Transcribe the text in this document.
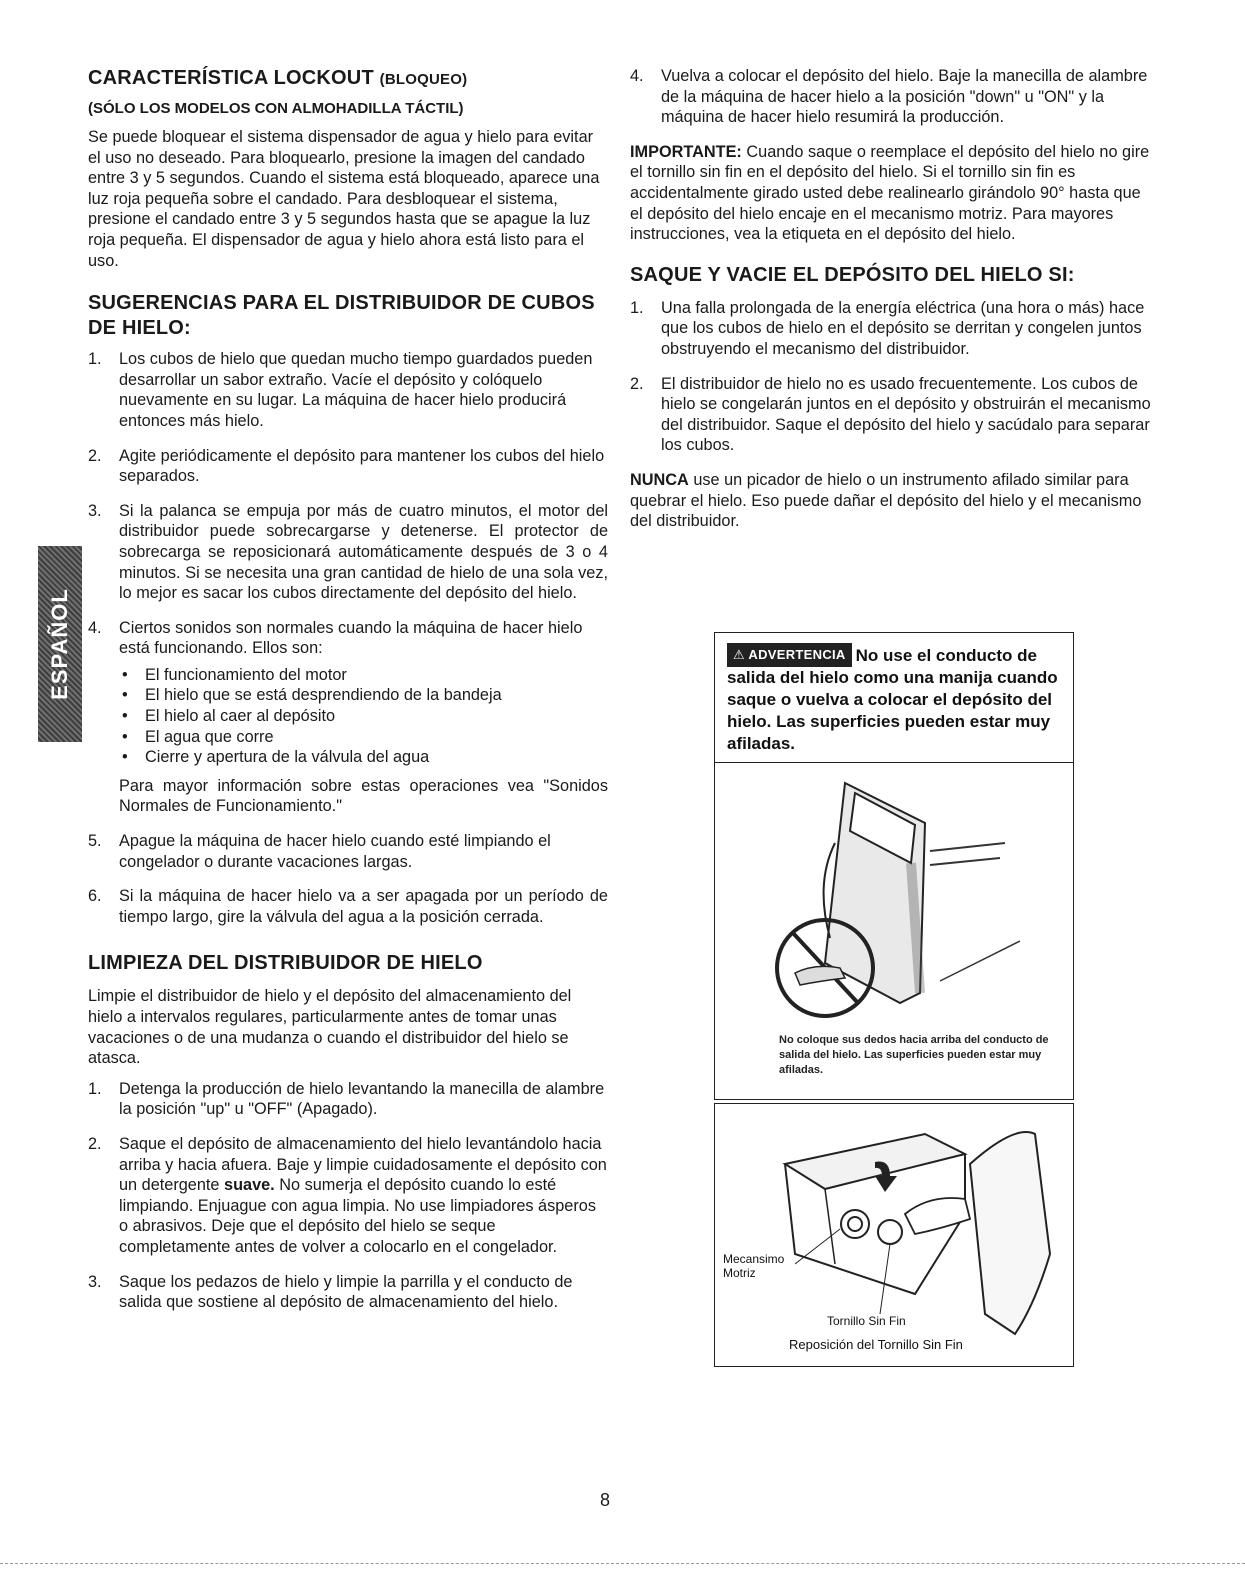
ESPAÑOL
CARACTERÍSTICA LOCKOUT (BLOQUEO)
(SÓLO LOS MODELOS CON ALMOHADILLA TÁCTIL)

Se puede bloquear el sistema dispensador de agua y hielo para evitar el uso no deseado. Para bloquearlo, presione la imagen del candado entre 3 y 5 segundos. Cuando el sistema está bloqueado, aparece una luz roja pequeña sobre el candado. Para desbloquear el sistema, presione el candado entre 3 y 5 segundos hasta que se apague la luz roja pequeña. El dispensador de agua y hielo ahora está listo para el uso.

SUGERENCIAS PARA EL DISTRIBUIDOR DE CUBOS DE HIELO:
1. Los cubos de hielo que quedan mucho tiempo guardados pueden desarrollar un sabor extraño. Vacíe el depósito y colóquelo nuevamente en su lugar. La máquina de hacer hielo producirá entonces más hielo.
2. Agite periódicamente el depósito para mantener los cubos del hielo separados.
3. Si la palanca se empuja por más de cuatro minutos, el motor del distribuidor puede sobrecargarse y detenerse. El protector de sobrecarga se reposicionará automáticamente después de 3 o 4 minutos. Si se necesita una gran cantidad de hielo de una sola vez, lo mejor es sacar los cubos directamente del depósito del hielo.
4. Ciertos sonidos son normales cuando la máquina de hacer hielo está funcionando. Ellos son:
• El funcionamiento del motor
• El hielo que se está desprendiendo de la bandeja
• El hielo al caer al depósito
• El agua que corre
• Cierre y apertura de la válvula del agua
Para mayor información sobre estas operaciones vea "Sonidos Normales de Funcionamiento."
5. Apague la máquina de hacer hielo cuando esté limpiando el congelador o durante vacaciones largas.
6. Si la máquina de hacer hielo va a ser apagada por un período de tiempo largo, gire la válvula del agua a la posición cerrada.
LIMPIEZA DEL DISTRIBUIDOR DE HIELO

Limpie el distribuidor de hielo y el depósito del almacenamiento del hielo a intervalos regulares, particularmente antes de tomar unas vacaciones o de una mudanza o cuando el distribuidor del hielo se atasca.

1. Detenga la producción de hielo levantando la manecilla de alambre la posición "up" u "OFF" (Apagado).
2. Saque el depósito de almacenamiento del hielo levantándolo hacia arriba y hacia afuera. Baje y limpie cuidadosamente el depósito con un detergente suave. No sumerja el depósito cuando lo esté limpiando. Enjuague con agua limpia. No use limpiadores ásperos o abrasivos. Deje que el depósito del hielo se seque completamente antes de volver a colocarlo en el congelador.
3. Saque los pedazos de hielo y limpie la parrilla y el conducto de salida que sostiene al depósito de almacenamiento del hielo.
4. Vuelva a colocar el depósito del hielo. Baje la manecilla de alambre de la máquina de hacer hielo a la posición "down" u "ON" y la máquina de hacer hielo resumirá la producción.

IMPORTANTE: Cuando saque o reemplace el depósito del hielo no gire el tornillo sin fin en el depósito del hielo. Si el tornillo sin fin es accidentalmente girado usted debe realinearlo girándolo 90° hasta que el depósito del hielo encaje en el mecanismo motriz. Para mayores instrucciones, vea la etiqueta en el depósito del hielo.

SAQUE Y VACIE EL DEPÓSITO DEL HIELO SI:
1. Una falla prolongada de la energía eléctrica (una hora o más) hace que los cubos de hielo en el depósito se derritan y congelen juntos obstruyendo el mecanismo del distribuidor.
2. El distribuidor de hielo no es usado frecuentemente. Los cubos de hielo se congelarán juntos en el depósito y obstruirán el mecanismo del distribuidor. Saque el depósito del hielo y sacúdalo para separar los cubos.

NUNCA use un picador de hielo o un instrumento afilado similar para quebrar el hielo. Eso puede dañar el depósito del hielo y el mecanismo del distribuidor.

⚠ ADVERTENCIA No use el conducto de salida del hielo como una manija cuando saque o vuelva a colocar el depósito del hielo. Las superficies pueden estar muy afiladas.
No coloque sus dedos hacia arriba del conducto de salida del hielo. Las superficies pueden estar muy afiladas.
Mecansimo Motriz
Tornillo Sin Fin
Reposición del Tornillo Sin Fin
8
